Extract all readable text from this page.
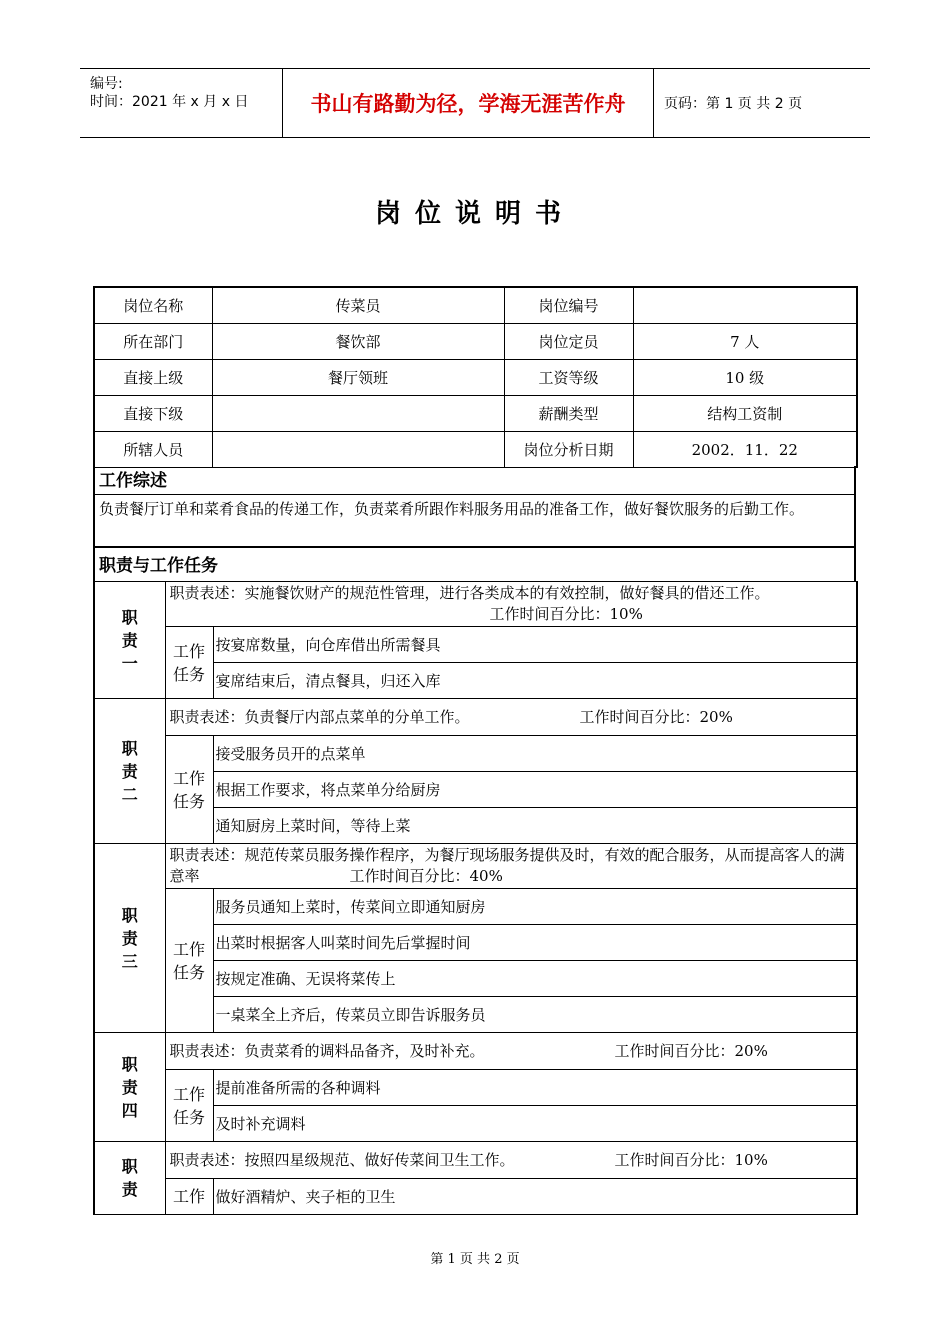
编号:
时间：2021 年 x 月 x 日	书山有路勤为径，学海无涯苦作舟	页码：第 1 页 共 2 页
岗位说明书
岗位名称	传菜员	岗位编号	
所在部门	餐饮部	岗位定员	7 人
直接上级	餐厅领班	工资等级	10 级
直接下级		薪酬类型	结构工资制
所辖人员		岗位分析日期	2002．11．22
工作综述
负责餐厅订单和菜肴食品的传递工作，负责菜肴所跟作料服务用品的准备工作，做好餐饮服务的后勤工作。
职责与工作任务
职责一	职责表述：实施餐饮财产的规范性管理，进行各类成本的有效控制，做好餐具的借还工作。
工作时间百分比：10%	

	工作任务	按宴席数量，向仓库借出所需餐具
		宴席结束后，清点餐具，归还入库

职责二	职责表述：负责餐厅内部点菜单的分单工作。 工作时间百分比：20%	

	工作任务	接受服务员开的点菜单
		根据工作要求，将点菜单分给厨房
		通知厨房上菜时间，等待上菜

职责三	职责表述：规范传菜员服务操作程序，为餐厅现场服务提供及时，有效的配合服务，从而提高客人的满意率 工作时间百分比：40%	

	工作任务	服务员通知上菜时，传菜间立即通知厨房
		出菜时根据客人叫菜时间先后掌握时间
		按规定准确、无误将菜传上
		一桌菜全上齐后，传菜员立即告诉服务员

职责四	职责表述：负责菜肴的调料品备齐，及时补充。 工作时间百分比：20%	

	工作任务	提前准备所需的各种调料
		及时补充调料

职责	职责表述：按照四星级规范、做好传菜间卫生工作。 工作时间百分比：10%	

	工作	做好酒精炉、夹子柜的卫生
第 1 页 共 2 页
